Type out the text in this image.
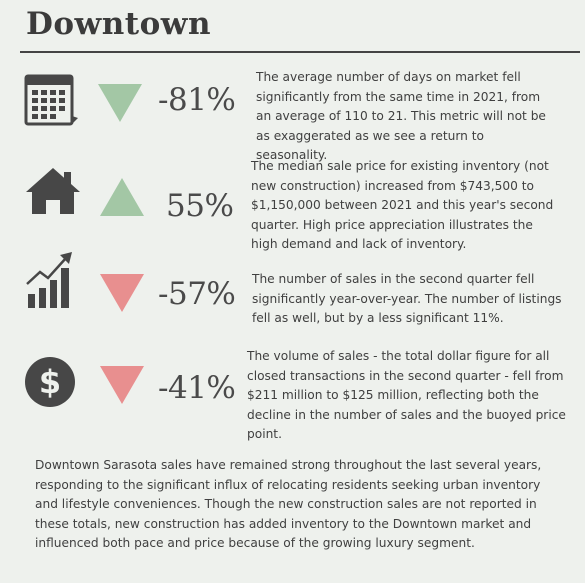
Downtown
-81%
The average number of days on market fell significantly from the same time in 2021, from an average of 110 to 21. This metric will not be as exaggerated as we see a return to seasonality.
55%
The median sale price for existing inventory (not new construction) increased from $743,500 to $1,150,000 between 2021 and this year's second quarter. High price appreciation illustrates the high demand and lack of inventory.
-57% The number of sales in the second quarter fell significantly year-over-year. The number of listings fell as well, but by a less significant 11%.
$	-41%
The volume of sales - the total dollar figure for all closed transactions in the second quarter - fell from $211 million to $125 million, reflecting both the decline in the number of sales and the buoyed price point.
Downtown Sarasota sales have remained strong throughout the last several years, responding to the significant influx of relocating residents seeking urban inventory and lifestyle conveniences. Though the new construction sales are not reported in these totals, new construction has added inventory to the Downtown market and influenced both pace and price because of the growing luxury segment.
